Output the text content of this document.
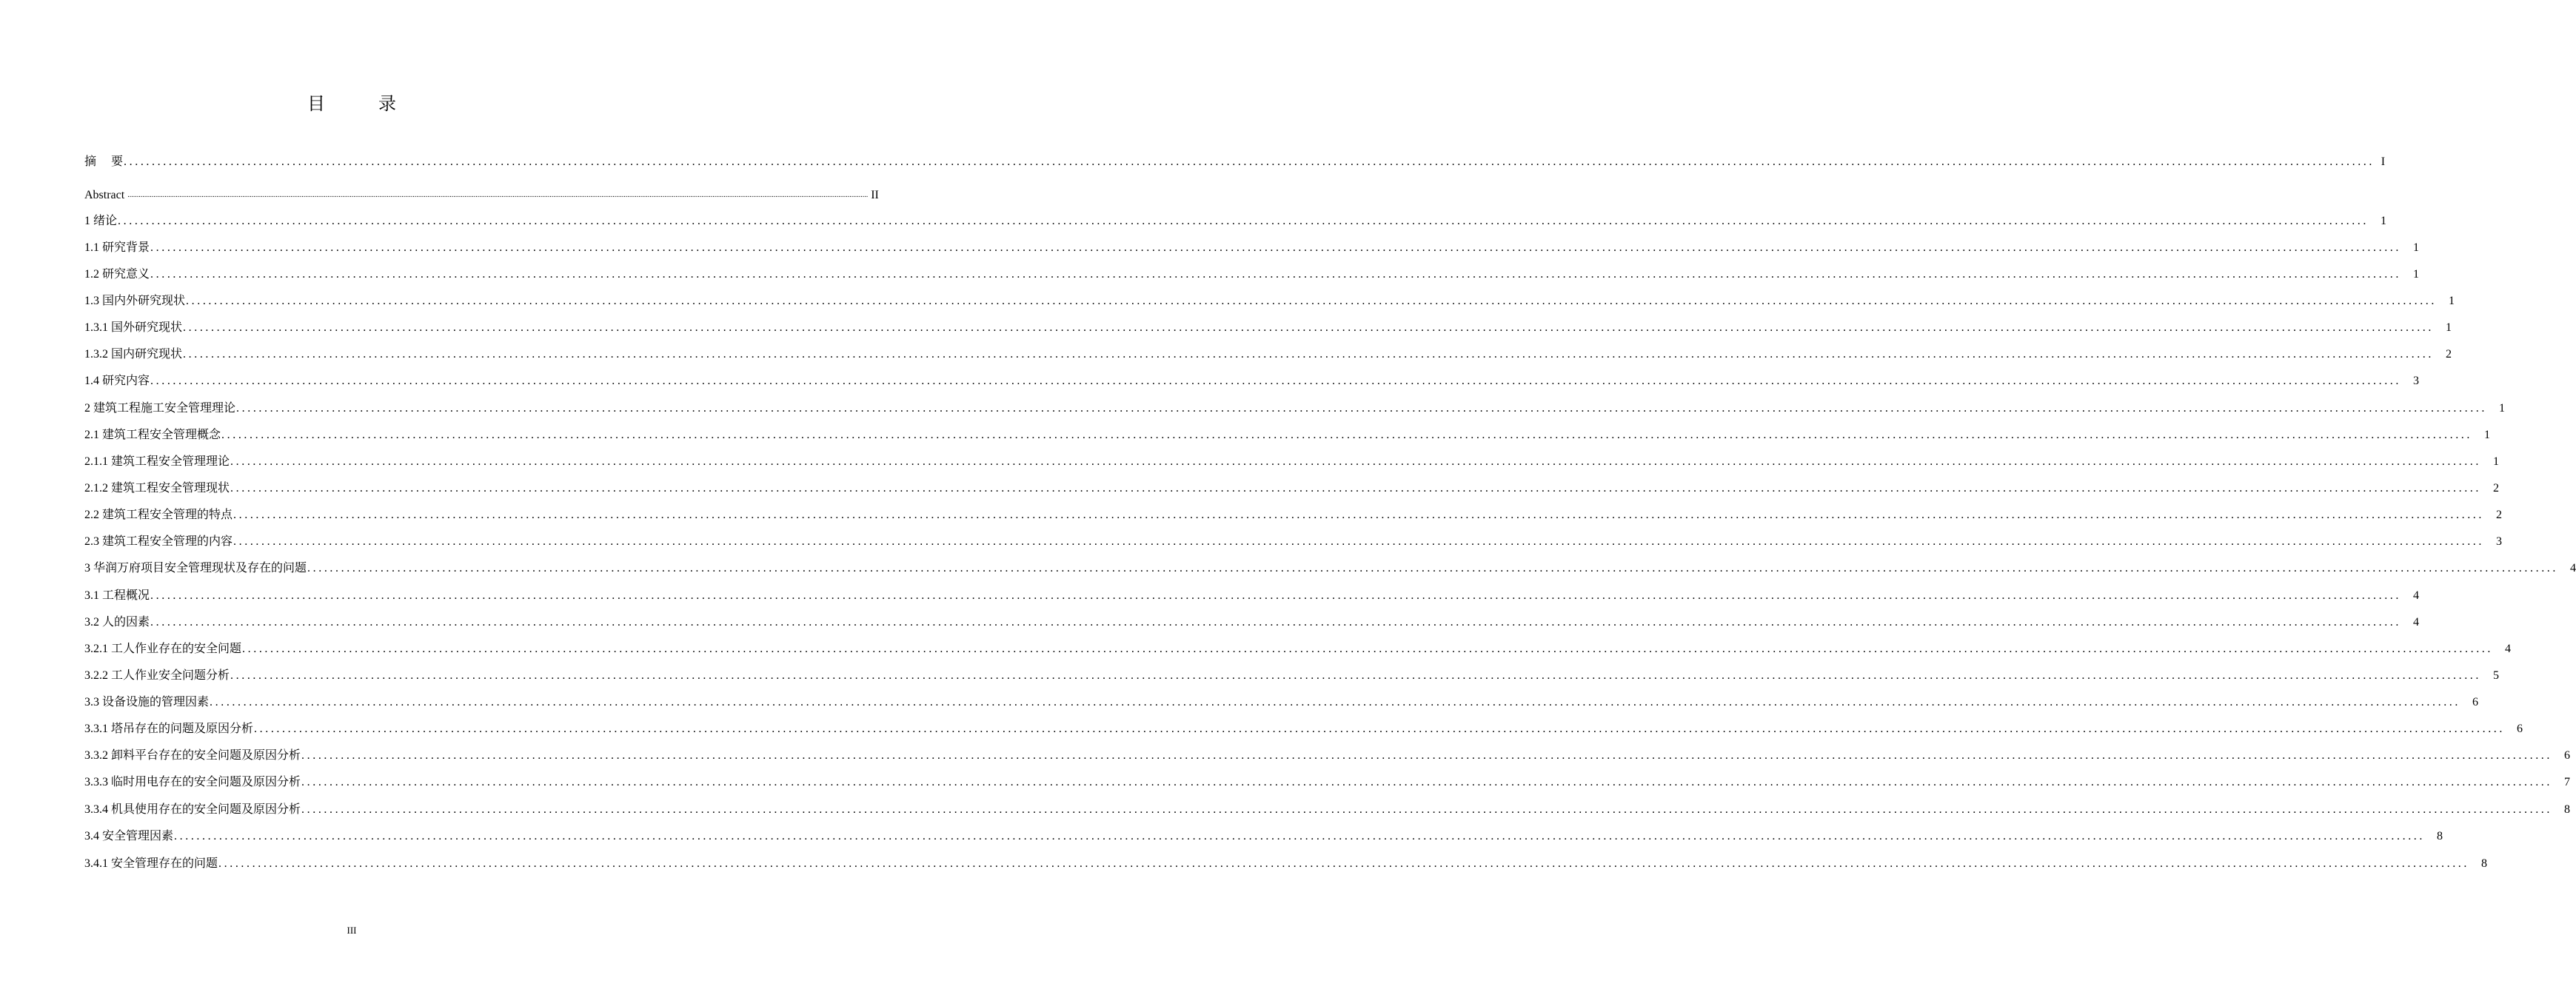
目　录
摘　 要 ................................................................................................................................................................................................................................................................................................................................................................................................................ I
Abstract ................................................................................................................................................................................................................................................................................................................................................................................................................ II
1 绪论 ................................................................................................................................................................................................................................................................................................................................................................................................................	1
1.1 研究背景 ................................................................................................................................................................................................................................................................................................................................................................................................................	1
1.2 研究意义 ................................................................................................................................................................................................................................................................................................................................................................................................................	1
1.3 国内外研究现状 ................................................................................................................................................................................................................................................................................................................................................................................................................	1
1.3.1 国外研究现状 ................................................................................................................................................................................................................................................................................................................................................................................................................	1
1.3.2 国内研究现状 ................................................................................................................................................................................................................................................................................................................................................................................................................	2
1.4 研究内容 ................................................................................................................................................................................................................................................................................................................................................................................................................	3
2 建筑工程施工安全管理理论 ................................................................................................................................................................................................................................................................................................................................................................................................................	1
2.1 建筑工程安全管理概念 ................................................................................................................................................................................................................................................................................................................................................................................................................	1
2.1.1 建筑工程安全管理理论 ................................................................................................................................................................................................................................................................................................................................................................................................................	1
2.1.2 建筑工程安全管理现状 ................................................................................................................................................................................................................................................................................................................................................................................................................	2
2.2 建筑工程安全管理的特点 ................................................................................................................................................................................................................................................................................................................................................................................................................	2
2.3 建筑工程安全管理的内容 ................................................................................................................................................................................................................................................................................................................................................................................................................	3
3 华润万府项目安全管理现状及存在的问题 ................................................................................................................................................................................................................................................................................................................................................................................................................	4
3.1 工程概况 ................................................................................................................................................................................................................................................................................................................................................................................................................	4
3.2 人的因素 ................................................................................................................................................................................................................................................................................................................................................................................................................	4
3.2.1 工人作业存在的安全问题 ................................................................................................................................................................................................................................................................................................................................................................................................................	4
3.2.2 工人作业安全问题分析 ................................................................................................................................................................................................................................................................................................................................................................................................................	5
3.3 设备设施的管理因素 ................................................................................................................................................................................................................................................................................................................................................................................................................	6
3.3.1 塔吊存在的问题及原因分析 ................................................................................................................................................................................................................................................................................................................................................................................................................	6
3.3.2 卸料平台存在的安全问题及原因分析 ................................................................................................................................................................................................................................................................................................................................................................................................................	6
3.3.3 临时用电存在的安全问题及原因分析 ................................................................................................................................................................................................................................................................................................................................................................................................................	7
3.3.4 机具使用存在的安全问题及原因分析 ................................................................................................................................................................................................................................................................................................................................................................................................................	8
3.4 安全管理因素 ................................................................................................................................................................................................................................................................................................................................................................................................................	8
3.4.1 安全管理存在的问题 ................................................................................................................................................................................................................................................................................................................................................................................................................	8
III
